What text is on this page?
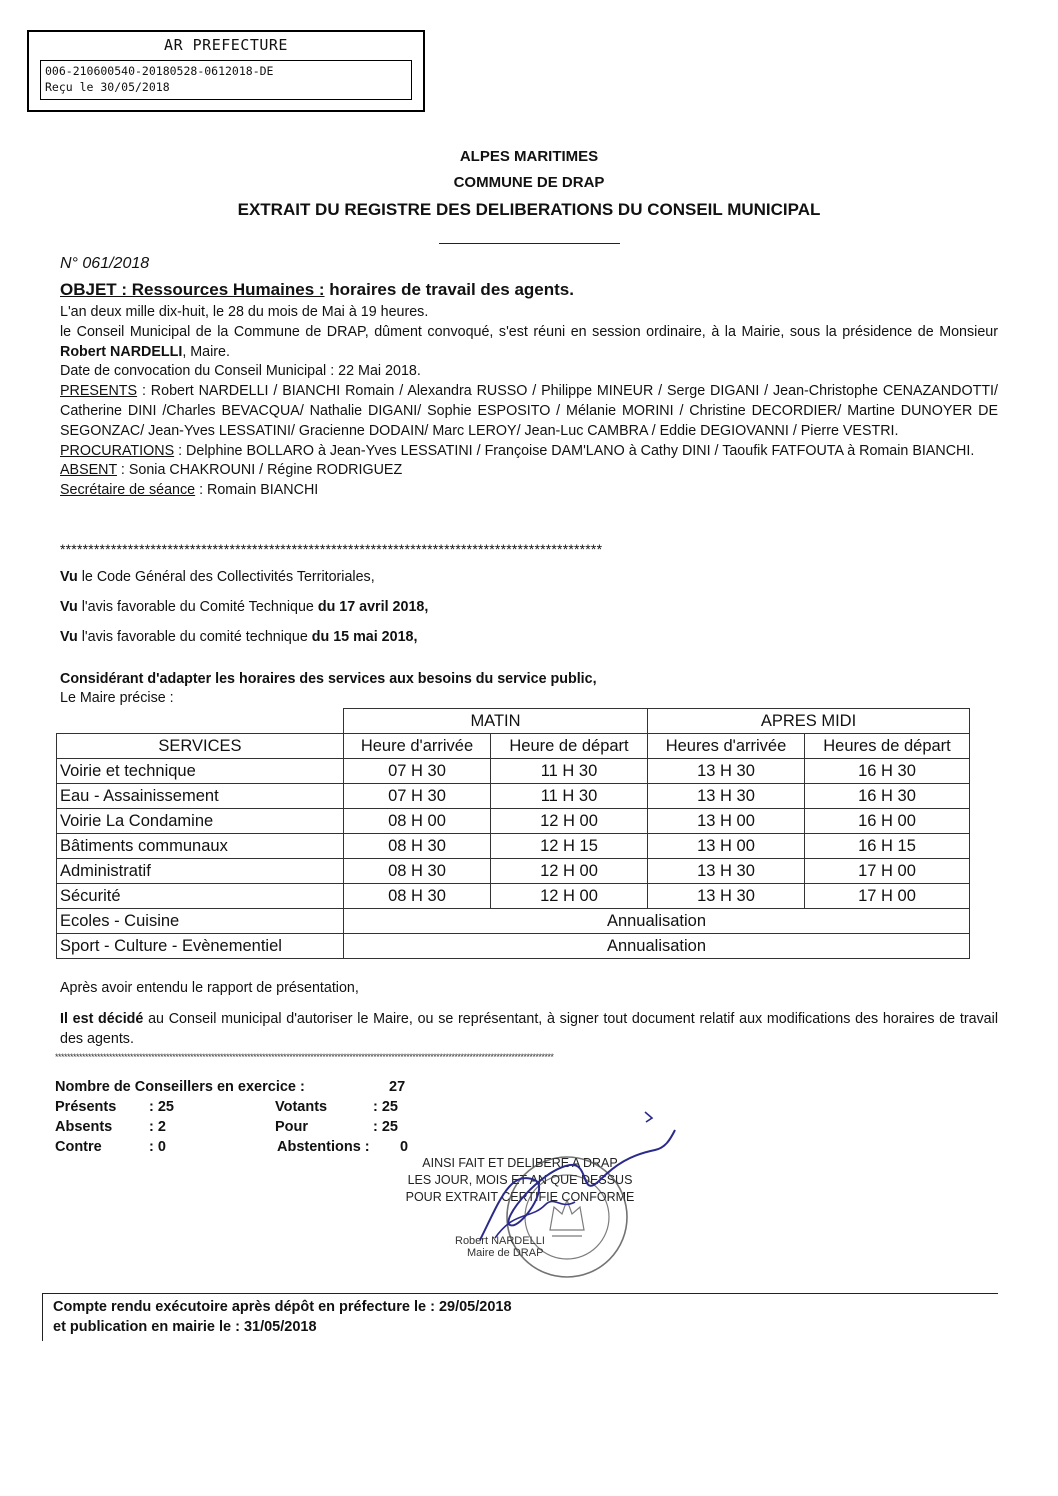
AR PREFECTURE
006-210600540-20180528-0612018-DE
Reçu le 30/05/2018
ALPES MARITIMES
COMMUNE DE DRAP
EXTRAIT DU REGISTRE DES DELIBERATIONS DU CONSEIL MUNICIPAL
N° 061/2018
OBJET : Ressources Humaines : horaires de travail des agents.
L'an deux mille dix-huit, le 28 du mois de Mai à 19 heures.
le Conseil Municipal de la Commune de DRAP, dûment convoqué, s'est réuni en session ordinaire, à la Mairie, sous la présidence de Monsieur Robert NARDELLI, Maire.
Date de convocation du Conseil Municipal : 22 Mai 2018.
PRESENTS : Robert NARDELLI / BIANCHI Romain / Alexandra RUSSO / Philippe MINEUR / Serge DIGANI / Jean-Christophe CENAZANDOTTI/ Catherine DINI /Charles BEVACQUA/ Nathalie DIGANI/ Sophie ESPOSITO / Mélanie MORINI / Christine DECORDIER/ Martine DUNOYER DE SEGONZAC/ Jean-Yves LESSATINI/ Gracienne DODAIN/ Marc LEROY/ Jean-Luc CAMBRA / Eddie DEGIOVANNI / Pierre VESTRI.
PROCURATIONS : Delphine BOLLARO à Jean-Yves LESSATINI / Françoise DAM'LANO à Cathy DINI / Taoufik FATFOUTA à Romain BIANCHI.
ABSENT : Sonia CHAKROUNI / Régine RODRIGUEZ
Secrétaire de séance : Romain BIANCHI
************************************************************************************************
Vu le Code Général des Collectivités Territoriales,
Vu l'avis favorable du Comité Technique du 17 avril 2018,
Vu l'avis favorable du comité technique du 15 mai 2018,
Considérant d'adapter les horaires des services aux besoins du service public,
Le Maire précise :
	MATIN		APRES MIDI	
SERVICES	Heure d'arrivée	Heure de départ	Heures d'arrivée	Heures de départ
Voirie et technique	07 H 30	11 H 30	13 H 30	16 H 30
Eau - Assainissement	07 H 30	11 H 30	13 H 30	16 H 30
Voirie La Condamine	08 H 00	12 H 00	13 H 00	16 H 00
Bâtiments communaux	08 H 30	12 H 15	13 H 00	16 H 15
Administratif	08 H 30	12 H 00	13 H 30	17 H 00
Sécurité	08 H 30	12 H 00	13 H 30	17 H 00
Ecoles - Cuisine	Annualisation			
Sport - Culture - Evènementiel	Annualisation			
Après avoir entendu le rapport de présentation,
Il est décidé au Conseil municipal d'autoriser le Maire, ou se représentant, à signer tout document relatif aux modifications des horaires de travail des agents.
**********************************************************************************************************************************************************************
Nombre de Conseillers en exercice :	27
Présents : 25	Votants	: 25
Absents	: 2	Pour	: 25
Contre	: 0	Abstentions : 0
AINSI FAIT ET DELIBERE A DRAP
LES JOUR, MOIS ET AN QUE DESSUS
POUR EXTRAIT CERTIFIE CONFORME
Robert NARDELLI
Maire de DRAP
Compte rendu exécutoire après dépôt en préfecture le : 29/05/2018
et publication en mairie le : 31/05/2018
